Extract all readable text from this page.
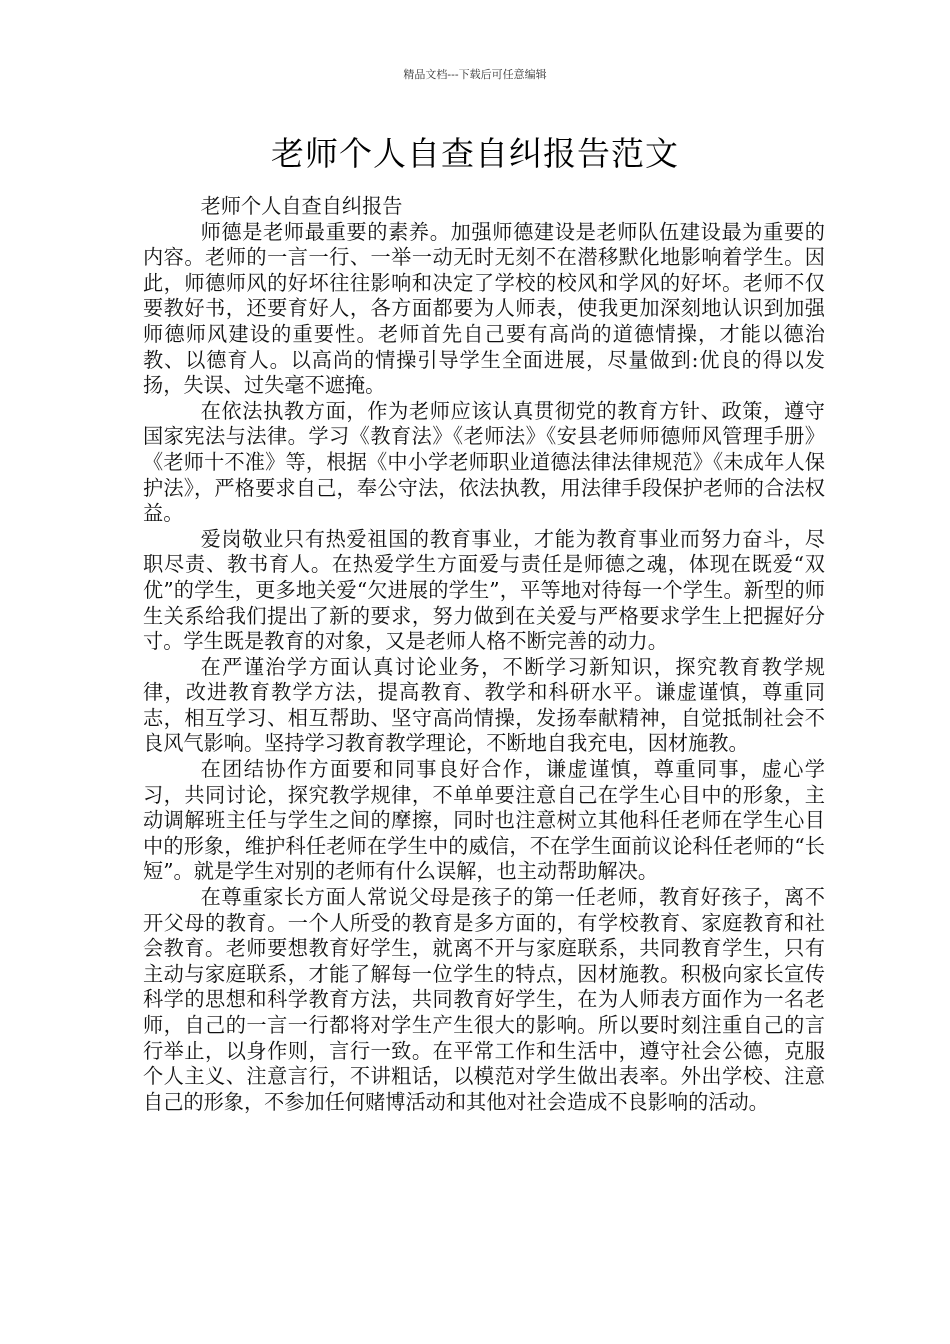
精品文档---下载后可任意编辑
老师个人自查自纠报告范文

老师个人自查自纠报告

师德是老师最重要的素养。加强师德建设是老师队伍建设最为重要的内容。老师的一言一行、一举一动无时无刻不在潜移默化地影响着学生。因此，师德师风的好坏往往影响和决定了学校的校风和学风的好坏。老师不仅要教好书，还要育好人，各方面都要为人师表，使我更加深刻地认识到加强师德师风建设的重要性。老师首先自己要有高尚的道德情操，才能以德治教、以德育人。以高尚的情操引导学生全面进展，尽量做到:优良的得以发扬，失误、过失毫不遮掩。

在依法执教方面，作为老师应该认真贯彻党的教育方针、政策，遵守国家宪法与法律。学习《教育法》《老师法》《安县老师师德师风管理手册》《老师十不准》等，根据《中小学老师职业道德法律法律规范》《未成年人保护法》，严格要求自己，奉公守法，依法执教，用法律手段保护老师的合法权益。

爱岗敬业只有热爱祖国的教育事业，才能为教育事业而努力奋斗，尽职尽责、教书育人。在热爱学生方面爱与责任是师德之魂，体现在既爱“双优”的学生，更多地关爱“欠进展的学生”，平等地对待每一个学生。新型的师生关系给我们提出了新的要求，努力做到在关爱与严格要求学生上把握好分寸。学生既是教育的对象，又是老师人格不断完善的动力。

在严谨治学方面认真讨论业务，不断学习新知识，探究教育教学规律，改进教育教学方法，提高教育、教学和科研水平。谦虚谨慎，尊重同志，相互学习、相互帮助、坚守高尚情操，发扬奉献精神，自觉抵制社会不良风气影响。坚持学习教育教学理论，不断地自我充电，因材施教。

在团结协作方面要和同事良好合作，谦虚谨慎，尊重同事，虚心学习，共同讨论，探究教学规律，不单单要注意自己在学生心目中的形象，主动调解班主任与学生之间的摩擦，同时也注意树立其他科任老师在学生心目中的形象，维护科任老师在学生中的威信，不在学生面前议论科任老师的“长短”。就是学生对别的老师有什么误解，也主动帮助解决。

在尊重家长方面人常说父母是孩子的第一任老师，教育好孩子，离不开父母的教育。一个人所受的教育是多方面的，有学校教育、家庭教育和社会教育。老师要想教育好学生，就离不开与家庭联系，共同教育学生，只有主动与家庭联系，才能了解每一位学生的特点，因材施教。积极向家长宣传科学的思想和科学教育方法，共同教育好学生，在为人师表方面作为一名老师，自己的一言一行都将对学生产生很大的影响。所以要时刻注重自己的言行举止，以身作则，言行一致。在平常工作和生活中，遵守社会公德，克服个人主义、注意言行，不讲粗话，以模范对学生做出表率。外出学校、注意自己的形象，不参加任何赌博活动和其他对社会造成不良影响的活动。
